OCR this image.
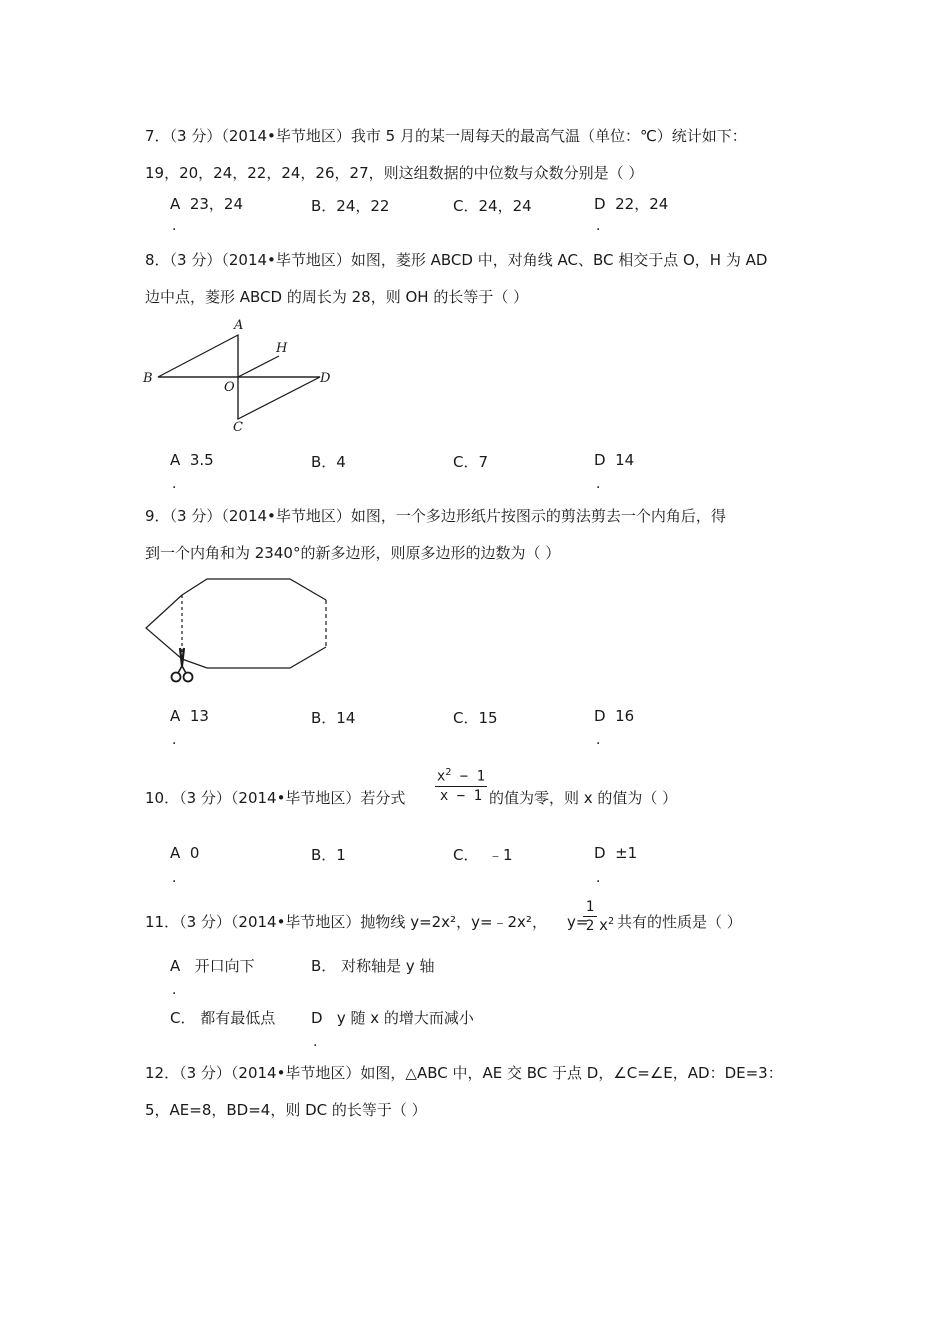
7．（3 分）（2014•毕节地区）我市 5 月的某一周每天的最高气温（单位：℃）统计如下：
19，20，24，22，24，26，27，则这组数据的中位数与众数分别是（ ）
A 23，24
.
B．24，22	C．24，24	D 22，24
.
8．（3 分）（2014•毕节地区）如图，菱形 ABCD 中，对角线 AC、BC 相交于点 O，H 为 AD
边中点，菱形 ABCD 的周长为 28，则 OH 的长等于（ ）
A
B
C
D
O
H
A 3.5
.
B．4	C．7	D 14
.
9．（3 分）（2014•毕节地区）如图，一个多边形纸片按图示的剪法剪去一个内角后，得
到一个内角和为 2340°的新多边形，则原多边形的边数为（ ）
A 13
.
B．14	C．15	D 16
.
10．（3 分）（2014•毕节地区）若分式
$x^2 - 1$
x − 1 的值为零，则 x 的值为（ ）
A 0
.
B．1	C． ﹣1	D ±1
.
11．（3 分）（2014•毕节地区）抛物线 y=2x²，y=﹣2x²， y=
1
2 $x^2$ 共有的性质是（ ）
A 开口向下
.
B． 对称轴是 y 轴
C． 都有最低点 D y 随 x 的增大而减小
.
12．（3 分）（2014•毕节地区）如图，△ABC 中，AE 交 BC 于点 D，∠C=∠E，AD：DE=3：
5，AE=8，BD=4，则 DC 的长等于（ ）
